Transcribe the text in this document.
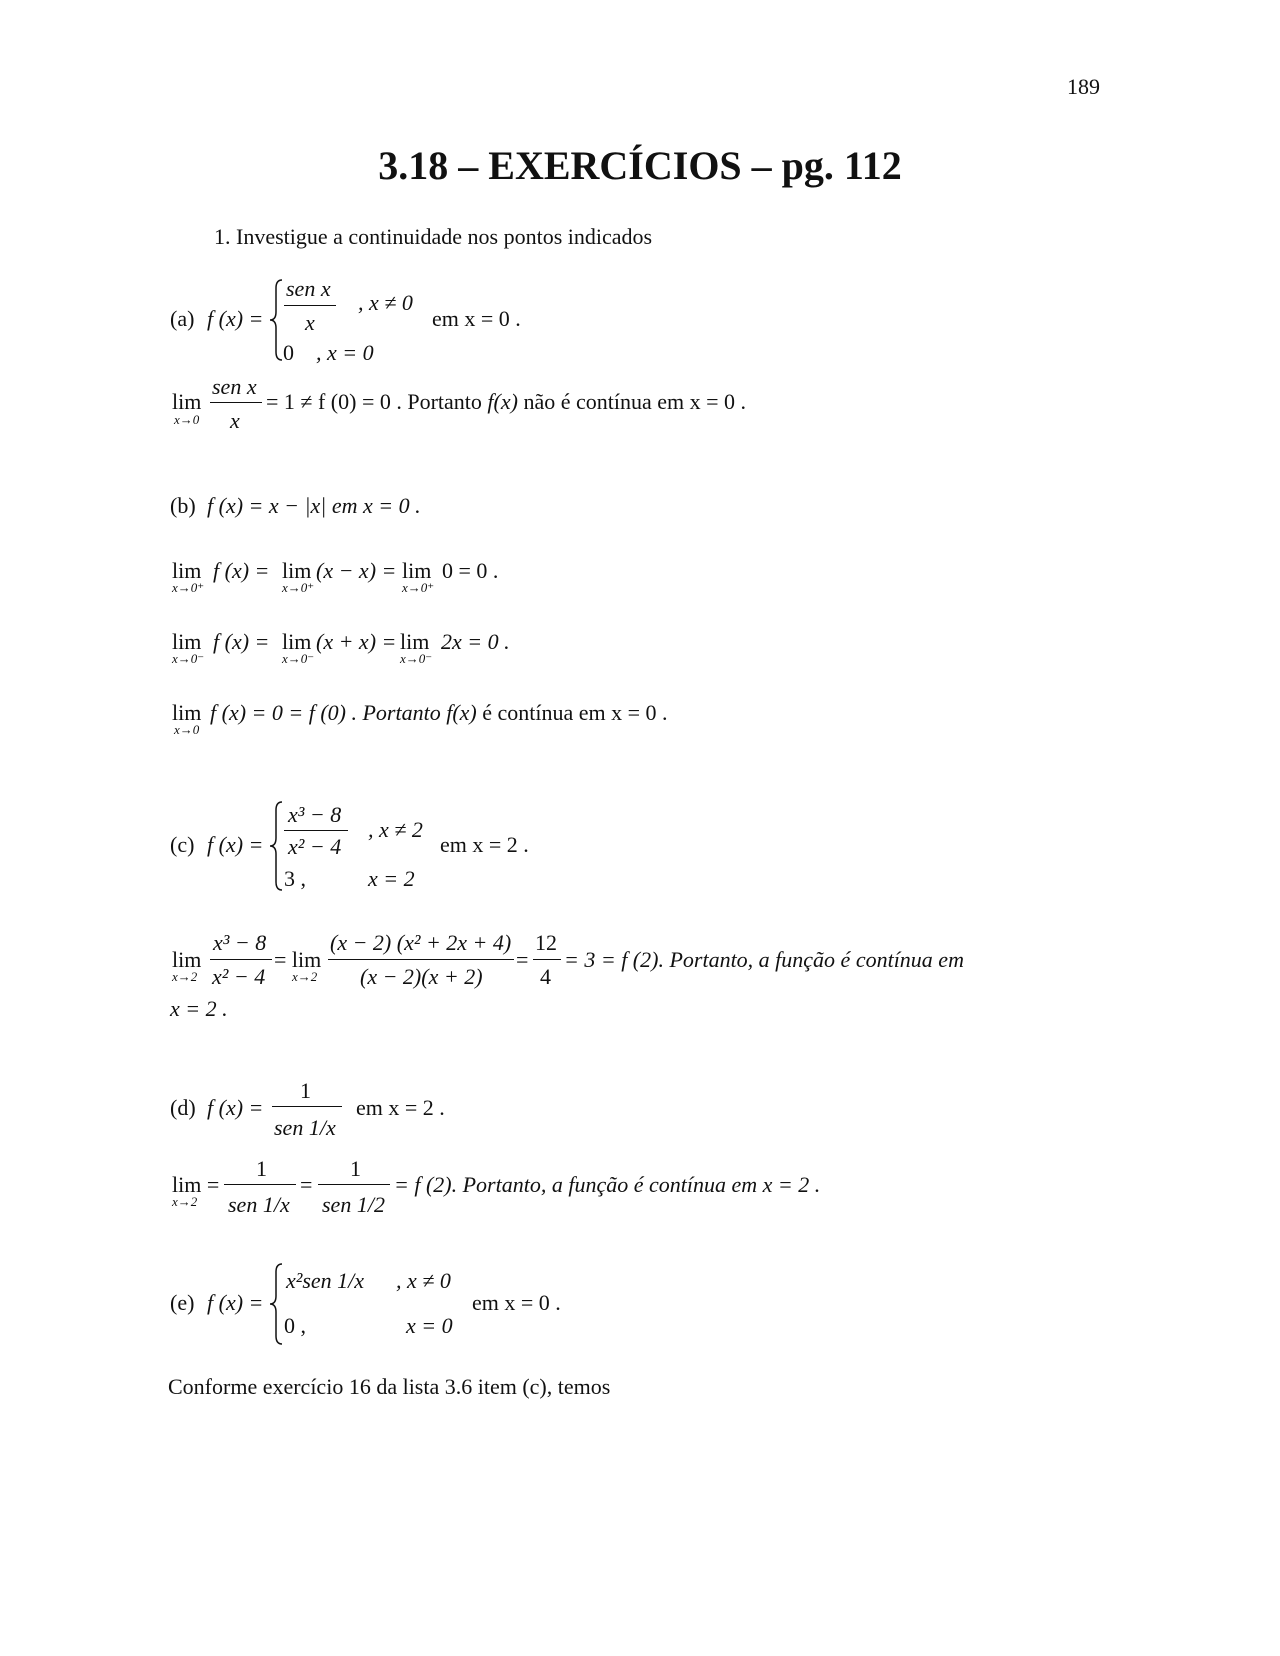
189
3.18 – EXERCÍCIOS – pg. 112
1. Investigue a continuidade nos pontos indicados
(a) f (x) =
sen x
x
, x ≠ 0
0 , x = 0
em x = 0 .
lim
x→0
sen x
x
= 1 ≠ f (0) = 0 . Portanto f(x) não é contínua em x = 0 .
(b) f (x) = x − |x| em x = 0 .
lim
x→0⁺
f (x) = lim
x→0⁺
(x − x) = lim
x→0⁺
0 = 0 .
lim
x→0⁻
f (x) = lim
x→0⁻
(x + x) = lim
x→0⁻
2x = 0 .
lim
x→0
f (x) = 0 = f (0) . Portanto f(x) é contínua em x = 0 .
(c) f (x) =
x³ − 8
x² − 4
, x ≠ 2
3 ,	x = 2
em x = 2 .
lim
x→2
x³ − 8
x² − 4
= lim
x→2
(x − 2) (x² + 2x + 4)
(x − 2)(x + 2)
=
12
4
= 3 = f (2). Portanto, a função é contínua em
x = 2 .
(d) f (x) =
1
sen 1/x
em x = 2 .
lim =
x→2
1
sen 1/x
=
1
sen 1/2
= f (2). Portanto, a função é contínua em x = 2 .
(e) f (x) =
x²sen 1/x , x ≠ 0
0 ,	x = 0
em x = 0 .
Conforme exercício 16 da lista 3.6 item (c), temos
